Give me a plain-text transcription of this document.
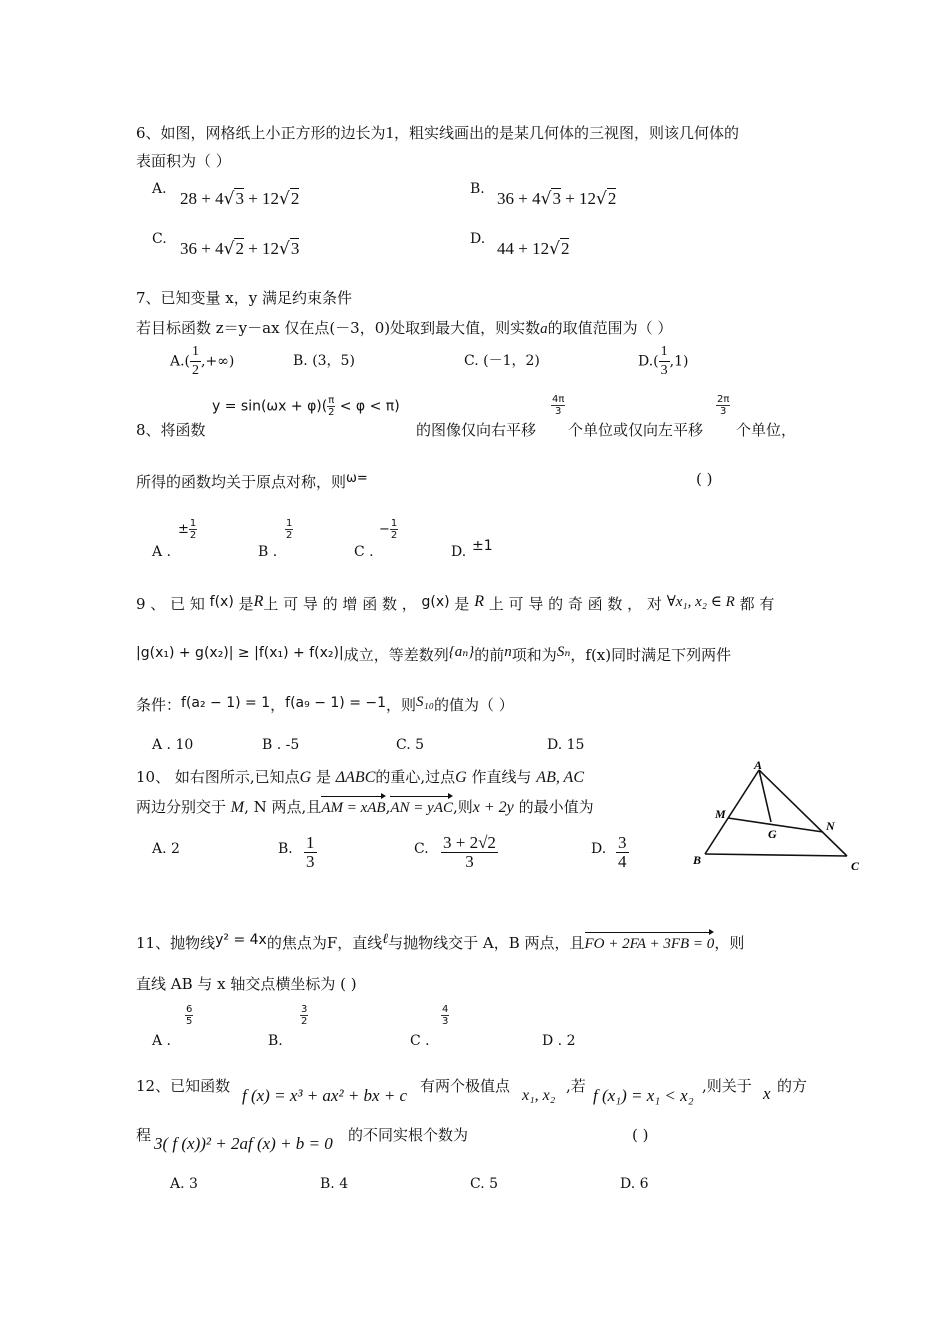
6、如图，网格纸上小正方形的边长为1，粗实线画出的是某几何体的三视图，则该几何体的
表面积为（ ）
A. 28 + 4√3 + 12√2	B. 36 + 4√3 + 12√2
C. 36 + 4√2 + 12√3	D. 44 + 12√2
7、已知变量 x，y 满足约束条件
若目标函数 z＝y－ax 仅在点(－3，0)处取到最大值，则实数a的取值范围为（ ）
$A.( \frac{1}{2}$ ,+∞)	B. (3，5)	C. (－1，2)	$D.( \frac{1}{3} ,1)$
$y = \sin(\omega x + \varphi)( \frac{\pi}{2} < \varphi < \pi)$
8、将函数	的图像仅向右平移
$\frac{4\pi}{3}$
个单位或仅向左平移
$\frac{2\pi}{3}$
个单位，
所得的函数均关于原点对称，则ω=	( )
A .
± $\frac{1}{2}$
B .
$\frac{1}{2}$
C .
− $\frac{1}{2}$
D. ±1
9 、 已 知 f(x) 是R上 可 导 的 增 函 数 ， g(x) 是 R 上 可 导 的 奇 函 数 ， 对 ∀x₁, x₂ ∈ R 都 有
|g(x₁) + g(x₂)| ≥ |f(x₁) + f(x₂)|成立，等差数列{aₙ}的前n项和为Sₙ，f(x)同时满足下列两件
条件：f(a₂ − 1) = 1，f(a₉ − 1) = −1，则S₁₀的值为（ ）
A . 10	B . -5	C. 5	D. 15
10、 如右图所示,已知点G 是 ΔABC的重心,过点G 作直线与 AB, AC
两边分别交于 M, N 两点,且AM = xAB,AN = yAC,则x + 2y 的最小值为
A. 2	B. $\frac{1}{3}$	C. $\frac{3 + 2√2}{3}$	D. $\frac{3}{4}$
A
B	C
M
N
G
11、抛物线y² = 4x的焦点为F，直线ℓ与抛物线交于 A，B 两点，且FO + 2FA + 3FB = 0，则
直线 AB 与 x 轴交点横坐标为 ( )
A .
$\frac{6}{5}$
B.
$\frac{3}{2}$
C .
$\frac{4}{3}$
D . 2
12、已知函数 f (x) = x³ + ax² + bx + c 有两个极值点
x₁, x₂
,若 f (x₁) = x₁ < x₂ ,则关于 x 的方
程 3( f (x))² + 2af (x) + b = 0 的不同实根个数为	( )
A. 3	B. 4	C. 5	D. 6
